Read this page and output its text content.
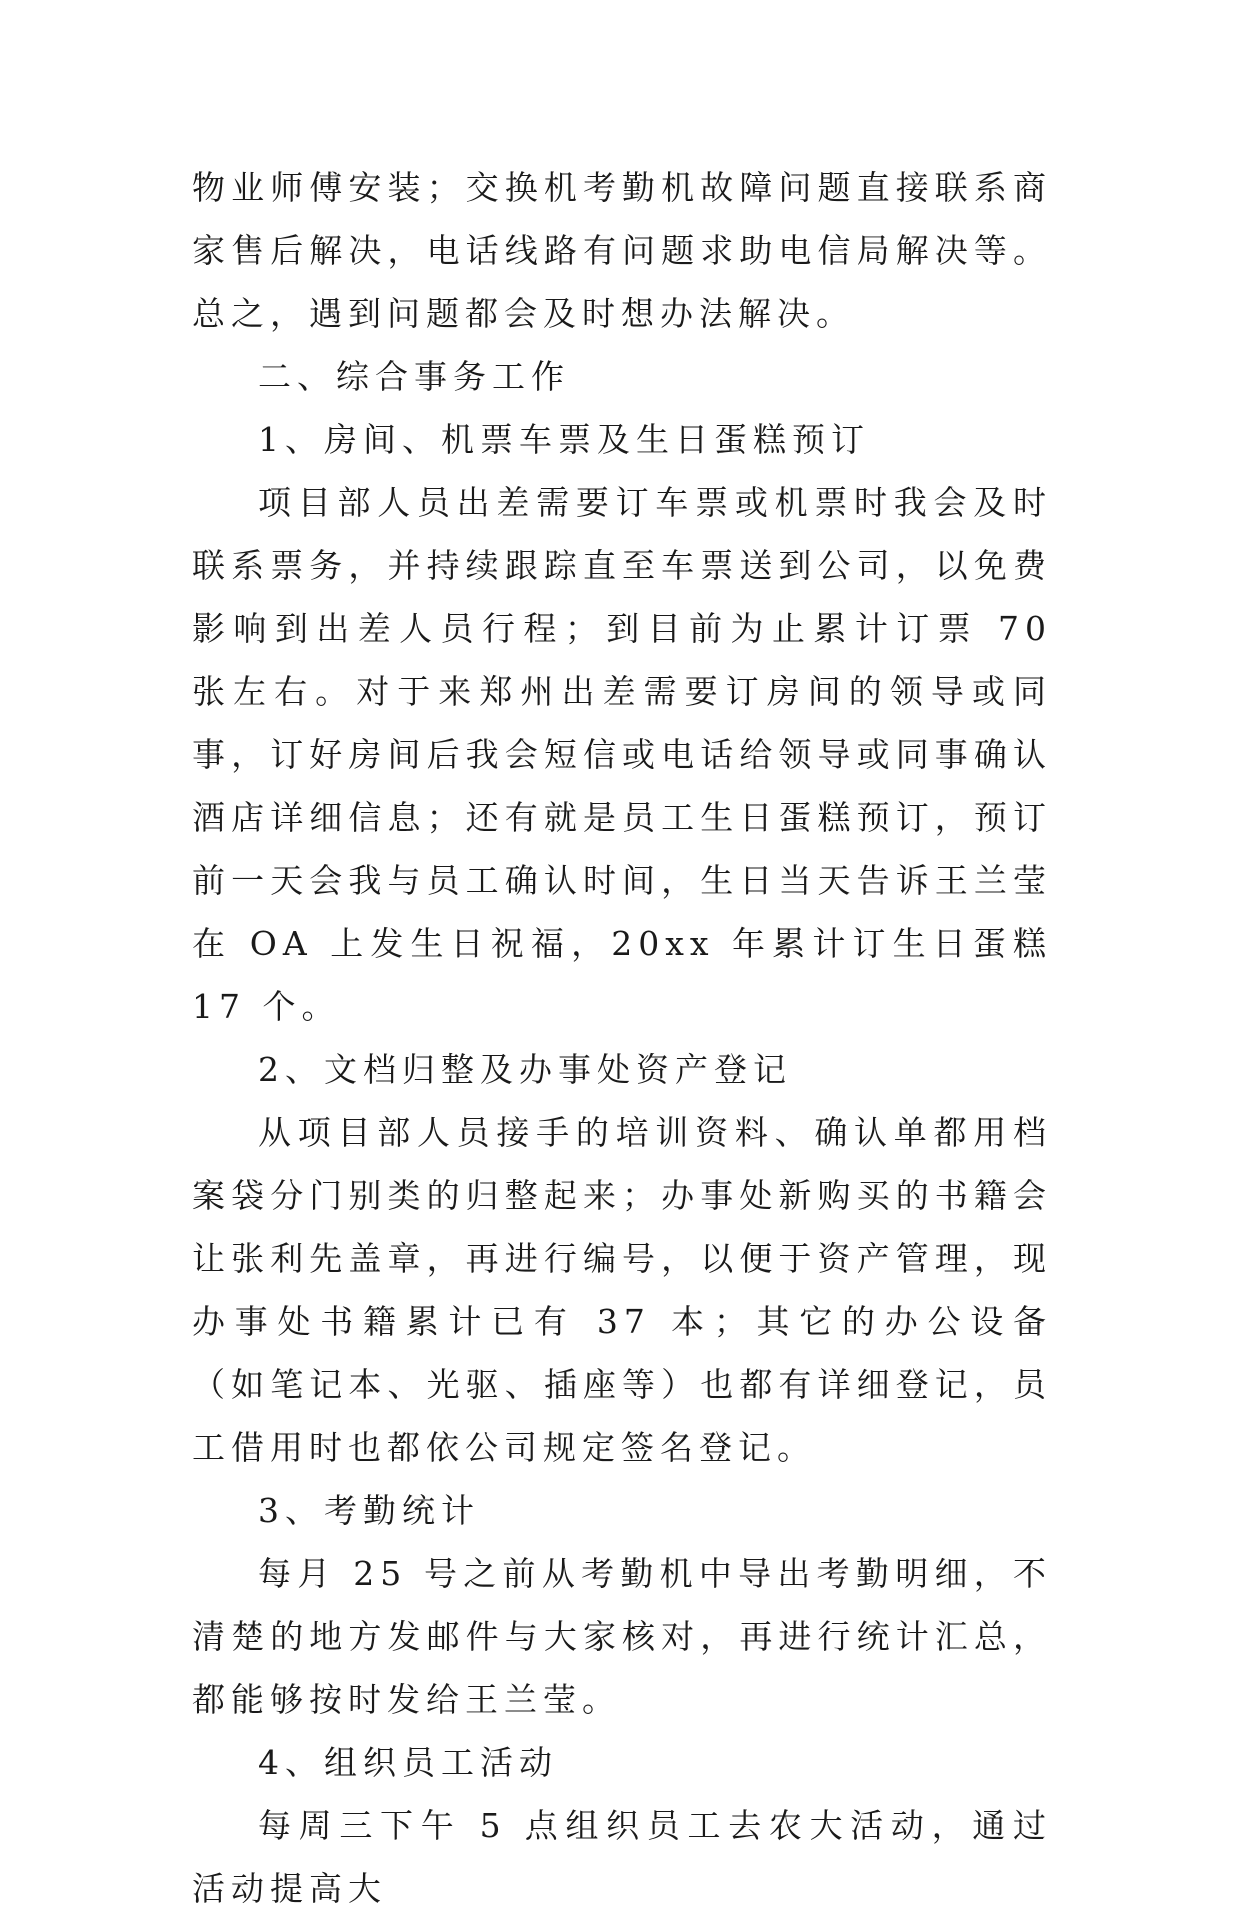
物业师傅安装；交换机考勤机故障问题直接联系商家售后解决，电话线路有问题求助电信局解决等。总之，遇到问题都会及时想办法解决。

二、综合事务工作

1、房间、机票车票及生日蛋糕预订

项目部人员出差需要订车票或机票时我会及时联系票务，并持续跟踪直至车票送到公司，以免费影响到出差人员行程；到目前为止累计订票 70 张左右。对于来郑州出差需要订房间的领导或同事，订好房间后我会短信或电话给领导或同事确认酒店详细信息；还有就是员工生日蛋糕预订，预订前一天会我与员工确认时间，生日当天告诉王兰莹在 OA 上发生日祝福，20xx 年累计订生日蛋糕 17 个。

2、文档归整及办事处资产登记

从项目部人员接手的培训资料、确认单都用档案袋分门别类的归整起来；办事处新购买的书籍会让张利先盖章，再进行编号，以便于资产管理，现办事处书籍累计已有 37 本；其它的办公设备（如笔记本、光驱、插座等）也都有详细登记，员工借用时也都依公司规定签名登记。

3、考勤统计

每月 25 号之前从考勤机中导出考勤明细，不清楚的地方发邮件与大家核对，再进行统计汇总，都能够按时发给王兰莹。

4、组织员工活动

每周三下午 5 点组织员工去农大活动，通过活动提高大
